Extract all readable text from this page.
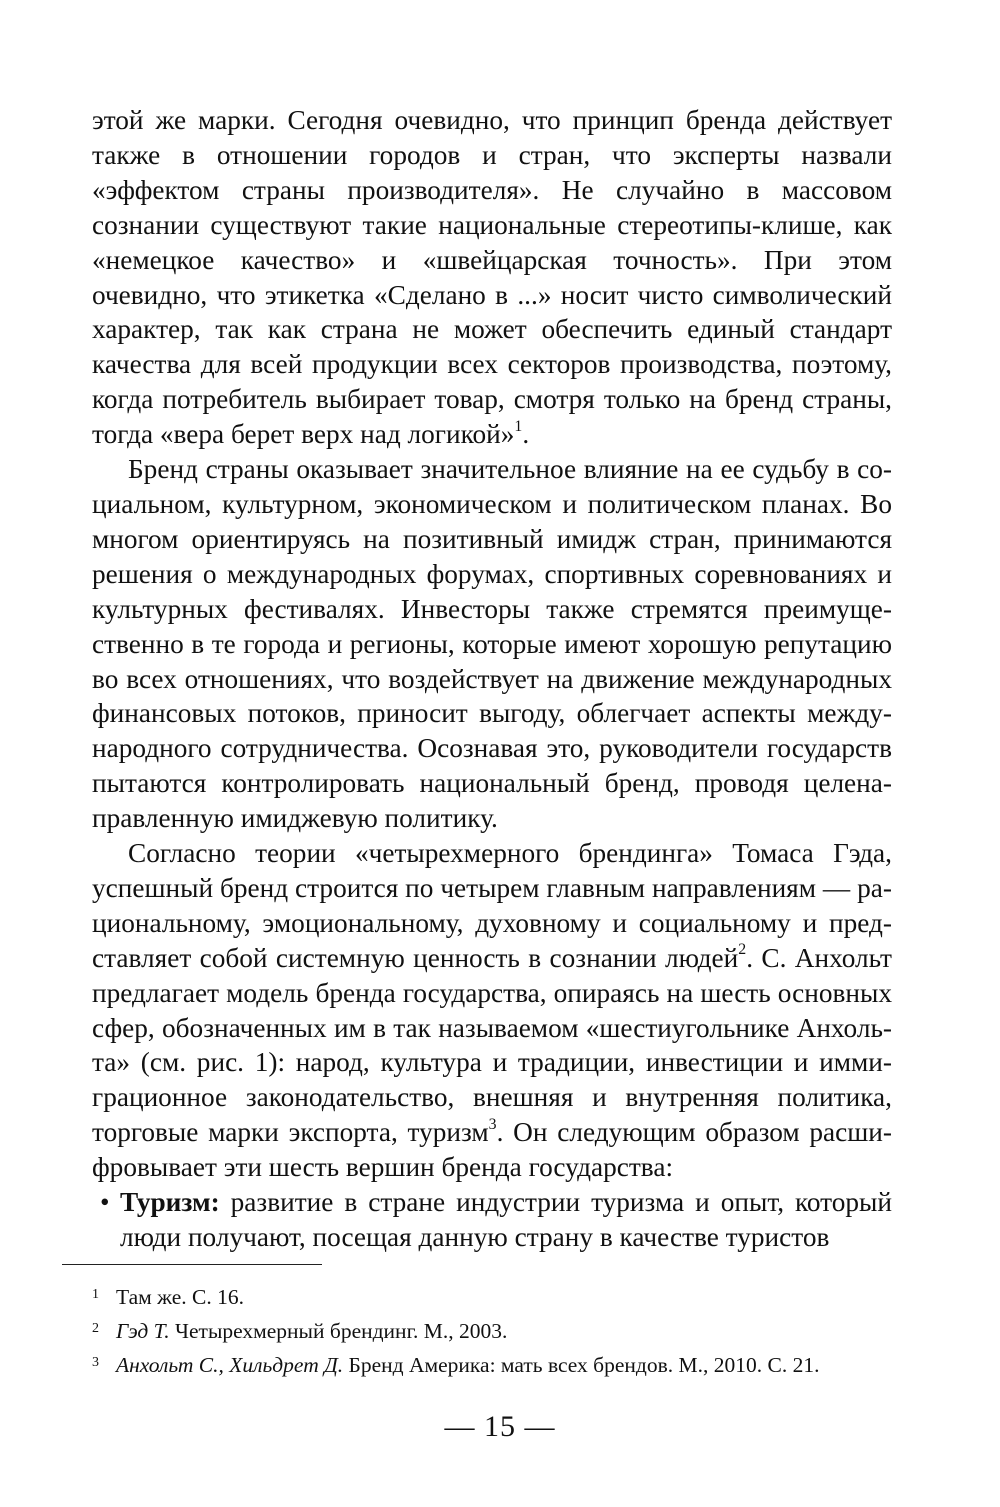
этой же марки. Сегодня очевидно, что принцип бренда действует также в отношении городов и стран, что эксперты назвали «эффектом страны производителя». Не случайно в массовом сознании существуют такие национальные стереотипы-клише, как «немецкое качество» и «швейцарская точность». При этом очевидно, что этикетка «Сделано в ...» носит чисто символический характер, так как страна не может обеспечить единый стандарт качества для всей продукции всех секторов производства, поэтому, когда потребитель выбирает товар, смотря только на бренд страны, тогда «вера берет верх над логикой»$^1$.

Бренд страны оказывает значительное влияние на ее судьбу в социальном, культурном, экономическом и политическом планах. Во многом ориентируясь на позитивный имидж стран, принимаются решения о международных форумах, спортивных соревнованиях и культурных фестивалях. Инвесторы также стремятся преимущественно в те города и регионы, которые имеют хорошую репутацию во всех отношениях, что воздействует на движение международных финансовых потоков, приносит выгоду, облегчает аспекты международного сотрудничества. Осознавая это, руководители государств пытаются контролировать национальный бренд, проводя целенаправленную имиджевую политику.

Согласно теории «четырехмерного брендинга» Томаса Гэда, успешный бренд строится по четырем главным направлениям — рациональному, эмоциональному, духовному и социальному и представляет собой системную ценность в сознании людей$^2$. С. Анхольт предлагает модель бренда государства, опираясь на шесть основных сфер, обозначенных им в так называемом «шестиугольнике Анхольта» (см. рис. 1): народ, культура и традиции, инвестиции и иммиграционное законодательство, внешняя и внутренняя политика, торговые марки экспорта, туризм$^3$. Он следующим образом расшифровывает эти шесть вершин бренда государства:

• Туризм: развитие в стране индустрии туризма и опыт, который люди получают, посещая данную страну в качестве туристов
1 Там же. С. 16.
2 Гэд Т. Четырехмерный брендинг. М., 2003.
3 Анхольт С., Хильдрет Д. Бренд Америка: мать всех брендов. М., 2010. С. 21.
— 15 —
